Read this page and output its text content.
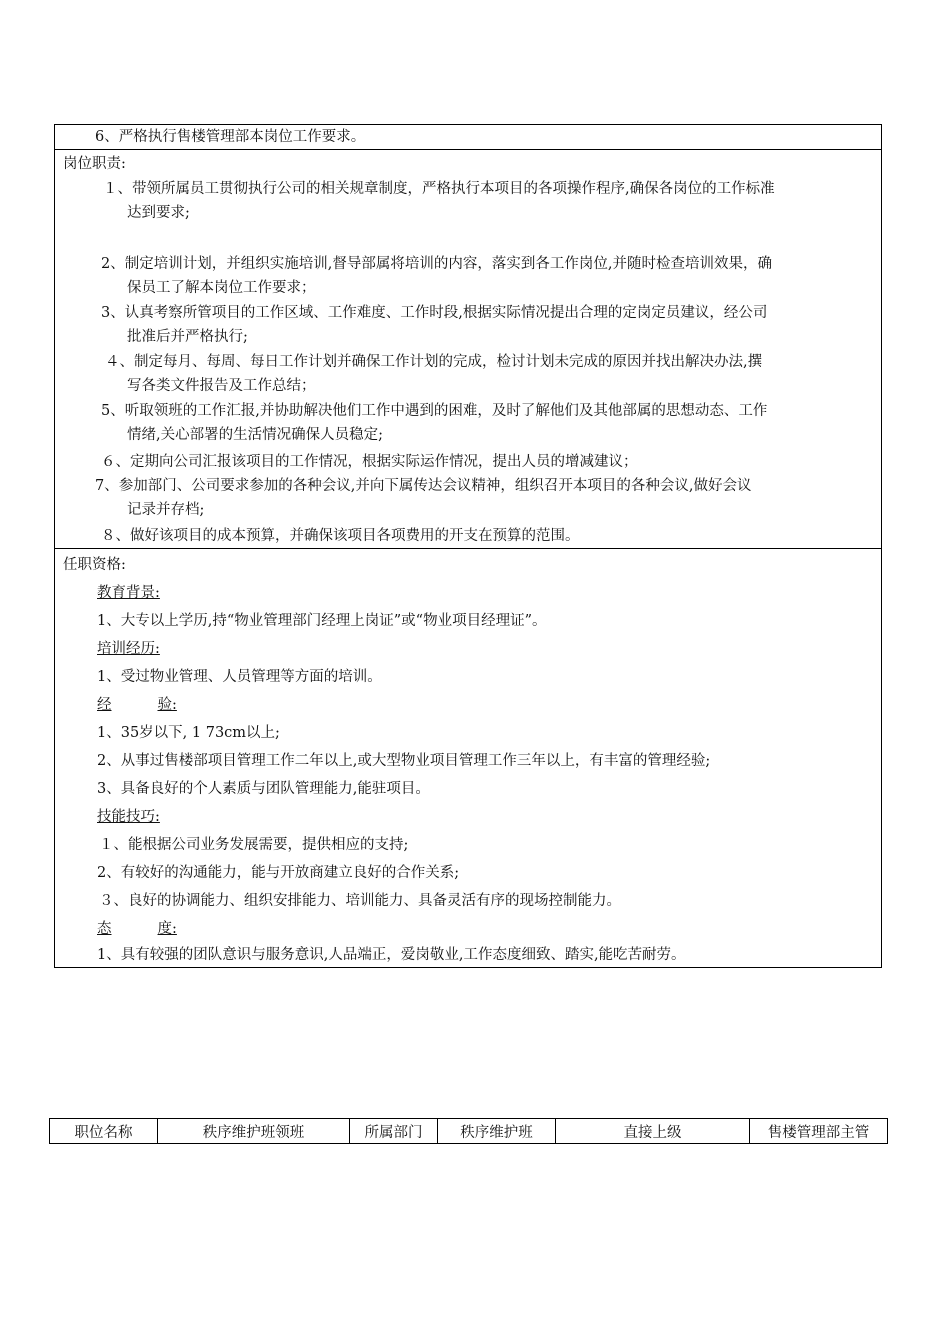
6、严格执行售楼管理部本岗位工作要求。
岗位职责:
１、带领所属员工贯彻执行公司的相关规章制度，严格执行本项目的各项操作程序,确保各岗位的工作标准
达到要求;
2、制定培训计划，并组织实施培训,督导部属将培训的内容，落实到各工作岗位,并随时检查培训效果，确
保员工了解本岗位工作要求；
3、认真考察所管项目的工作区域、工作难度、工作时段,根据实际情况提出合理的定岗定员建议，经公司
批准后并严格执行;
４、制定每月、每周、每日工作计划并确保工作计划的完成，检讨计划未完成的原因并找出解决办法,撰
写各类文件报告及工作总结；
5、听取领班的工作汇报,并协助解决他们工作中遇到的困难，及时了解他们及其他部属的思想动态、工作
情绪,关心部署的生活情况确保人员稳定;
６、定期向公司汇报该项目的工作情况，根据实际运作情况，提出人员的增减建议；
7、参加部门、公司要求参加的各种会议,并向下属传达会议精神，组织召开本项目的各种会议,做好会议
记录并存档;
８、做好该项目的成本预算，并确保该项目各项费用的开支在预算的范围。
任职资格:
教育背景:
1、大专以上学历,持“物业管理部门经理上岗证”或“物业项目经理证”。
培训经历:
1、受过物业管理、人员管理等方面的培训。
经	验:
1、35岁以下, 1 73cm以上;
2、从事过售楼部项目管理工作二年以上,或大型物业项目管理工作三年以上，有丰富的管理经验;
3、具备良好的个人素质与团队管理能力,能驻项目。
技能技巧:
１、能根据公司业务发展需要，提供相应的支持;
2、有较好的沟通能力，能与开放商建立良好的合作关系;
３、良好的协调能力、组织安排能力、培训能力、具备灵活有序的现场控制能力。
态	度:
1、具有较强的团队意识与服务意识,人品端正，爱岗敬业,工作态度细致、踏实,能吃苦耐劳。
职位名称	秩序维护班领班	所属部门	秩序维护班	直接上级	售楼管理部主管
